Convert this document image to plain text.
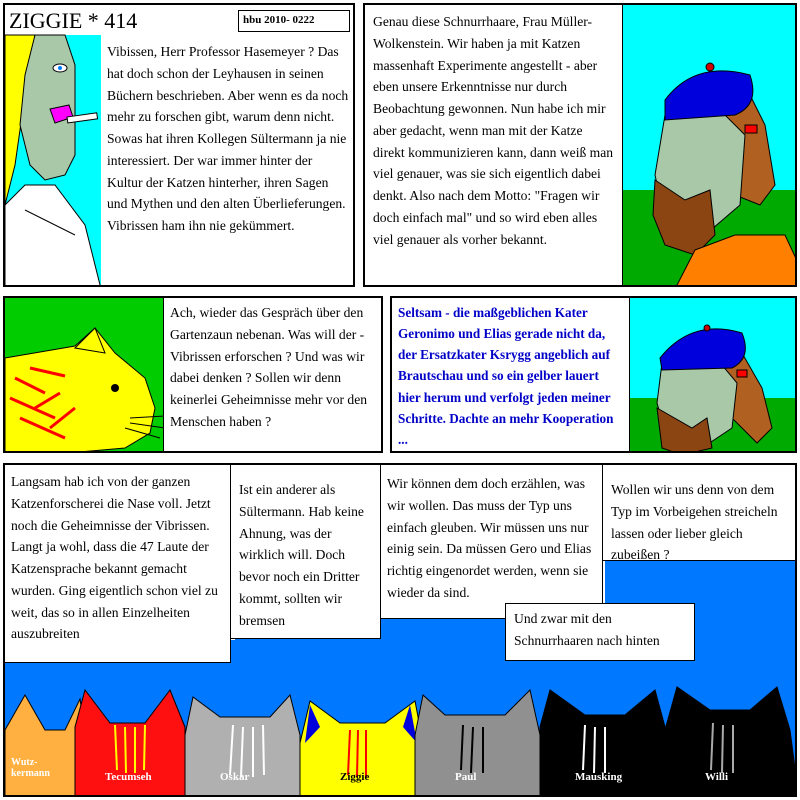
ZIGGIE * 414	hbu 2010- 0222
Vibissen, Herr Professor Hasemeyer ? Das hat doch schon der Leyhausen in seinen Büchern beschrieben. Aber wenn es da noch mehr zu forschen gibt, warum denn nicht. Sowas hat ihren Kollegen Sültermann ja nie interessiert. Der war immer hinter der Kultur der Katzen hinterher, ihren Sagen und Mythen und den alten Überlieferungen. Vibrissen ham ihn nie gekümmert.
Genau diese Schnurrhaare, Frau Müller-Wolkenstein. Wir haben ja mit Katzen massenhaft Experimente angestellt - aber eben unsere Erkenntnisse nur durch Beobachtung gewonnen. Nun habe ich mir aber gedacht, wenn man mit der Katze direkt kommunizieren kann, dann weiß man viel genauer, was sie sich eigentlich dabei denkt. Also nach dem Motto: "Fragen wir doch einfach mal" und so wird eben alles viel genauer als vorher bekannt.
Ach, wieder das Gespräch über den Gartenzaun nebenan. Was will der - Vibrissen erforschen ? Und was wir dabei denken ? Sollen wir denn keinerlei Geheimnisse mehr vor den Menschen haben ?
Seltsam - die maßgeblichen Kater Geronimo und Elias gerade nicht da, der Ersatzkater Ksrygg angeblich auf Brautschau und so ein gelber lauert hier herum und verfolgt jeden meiner Schritte. Dachte an mehr Kooperation ...
Langsam hab ich von der ganzen Katzenforscherei die Nase voll. Jetzt noch die Geheimnisse der Vibrissen. Langt ja wohl, dass die 47 Laute der Katzensprache bekannt gemacht wurden. Ging eigentlich schon viel zu weit, das so in allen Einzelheiten auszubreiten
Ist ein anderer als Sültermann. Hab keine Ahnung, was der wirklich will. Doch bevor noch ein Dritter kommt, sollten wir bremsen
Wir können dem doch erzählen, was wir wollen. Das muss der Typ uns einfach gleuben. Wir müssen uns nur einig sein. Da müssen Gero und Elias richtig eingenordet werden, wenn sie wieder da sind.
Wollen wir uns denn von dem Typ im Vorbeigehen streicheln lassen oder lieber gleich zubeißen ?
Und zwar mit den Schnurrhaaren nach hinten
Wutz-
kermann	Tecumseh	Oskar	Ziggie	Paul	Mausking	Willi
